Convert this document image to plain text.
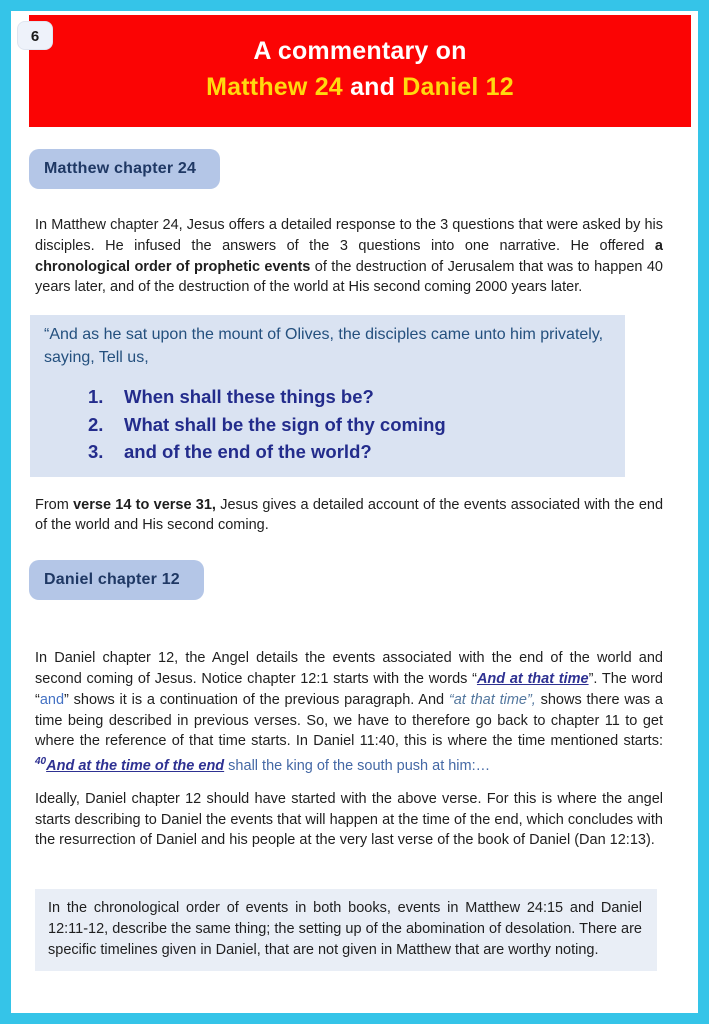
6
A commentary on
Matthew 24 and Daniel 12
Matthew chapter 24

In Matthew chapter 24, Jesus offers a detailed response to the 3 questions that were asked by his disciples. He infused the answers of the 3 questions into one narrative. He offered a chronological order of prophetic events of the destruction of Jerusalem that was to happen 40 years later, and of the destruction of the world at His second coming 2000 years later.

“And as he sat upon the mount of Olives, the disciples came unto him privately, saying, Tell us,

1.	When shall these things be?
2.	What shall be the sign of thy coming
3.	and of the end of the world?

From verse 14 to verse 31, Jesus gives a detailed account of the events associated with the end of the world and His second coming.

Daniel chapter 12

In Daniel chapter 12, the Angel details the events associated with the end of the world and second coming of Jesus. Notice chapter 12:1 starts with the words “And at that time”. The word “and” shows it is a continuation of the previous paragraph. And “at that time”, shows there was a time being described in previous verses. So, we have to therefore go back to chapter 11 to get where the reference of that time starts. In Daniel 11:40, this is where the time mentioned starts: $^{40}$And at the time of the end shall the king of the south push at him:…

Ideally, Daniel chapter 12 should have started with the above verse. For this is where the angel starts describing to Daniel the events that will happen at the time of the end, which concludes with the resurrection of Daniel and his people at the very last verse of the book of Daniel (Dan 12:13).

In the chronological order of events in both books, events in Matthew 24:15 and Daniel 12:11-12, describe the same thing; the setting up of the abomination of desolation. There are specific timelines given in Daniel, that are not given in Matthew that are worthy noting.
